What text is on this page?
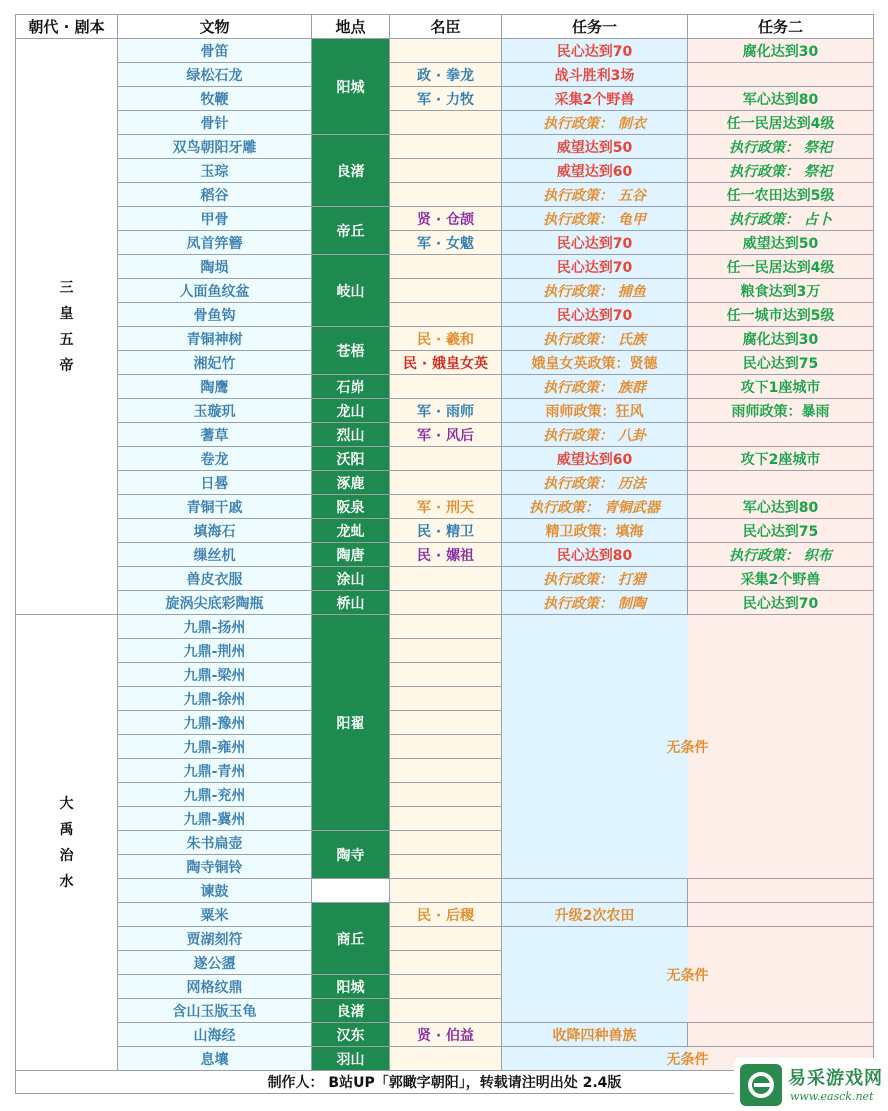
朝代 · 剧本	文物	地点	名臣	任务一	任务二
三皇五帝	骨笛	阳城		民心达到70	腐化达到30
	绿松石龙		政 · 拳龙	战斗胜利3场	
	牧鞭		军 · 力牧	采集2个野兽	军心达到80
	骨针			执行政策： 制衣	任一民居达到4级
	双鸟朝阳牙雕	良渚		威望达到50	执行政策： 祭祀
	玉琮			威望达到60	执行政策： 祭祀
	稻谷			执行政策： 五谷	任一农田达到5级
	甲骨	帝丘	贤 · 仓颉	执行政策： 龟甲	执行政策： 占卜
	凤首笄簪		军 · 女魃	民心达到70	威望达到50
	陶埙	岐山		民心达到70	任一民居达到4级
	人面鱼纹盆			执行政策： 捕鱼	粮食达到3万
	骨鱼钩			民心达到70	任一城市达到5级
	青铜神树	苍梧	民 · 羲和	执行政策： 氏族	腐化达到30
	湘妃竹		民 · 娥皇女英	娥皇女英政策：贤德	民心达到75
	陶鹰	石峁		执行政策： 族群	攻下1座城市
	玉璇玑	龙山	军 · 雨师	雨师政策：狂风	雨师政策：暴雨
	蓍草	烈山	军 · 风后	执行政策： 八卦	
	卷龙	沃阳		威望达到60	攻下2座城市
	日晷	涿鹿		执行政策： 历法	
	青铜干戚	阪泉	军 · 刑天	执行政策： 青铜武器	军心达到80
	填海石	龙虬	民 · 精卫	精卫政策：填海	民心达到75
	缫丝机	陶唐	民 · 嫘祖	民心达到80	执行政策： 织布
	兽皮衣服	涂山		执行政策： 打猎	采集2个野兽
	旋涡尖底彩陶瓶	桥山		执行政策： 制陶	民心达到70
大禹治水	九鼎-扬州	阳翟		无条件	
	九鼎-荆州				
	九鼎-梁州				
	九鼎-徐州				
	九鼎-豫州				
	九鼎-雍州				
	九鼎-青州				
	九鼎-兖州				
	九鼎-冀州				
	朱书扁壶	陶寺			
	陶寺铜铃				
	谏鼓				
	粟米	商丘	民 · 后稷	升级2次农田	
	贾湖刻符			无条件	
	遂公盨				
	网格纹鼎	阳城			
	含山玉版玉龟	良渚			
	山海经	汉东	贤 · 伯益	收降四种兽族	
	息壤	羽山		无条件	
制作人： B站UP「郭瞰字朝阳」，转载请注明出处 2.4版						易采游戏网
www.easck.net
